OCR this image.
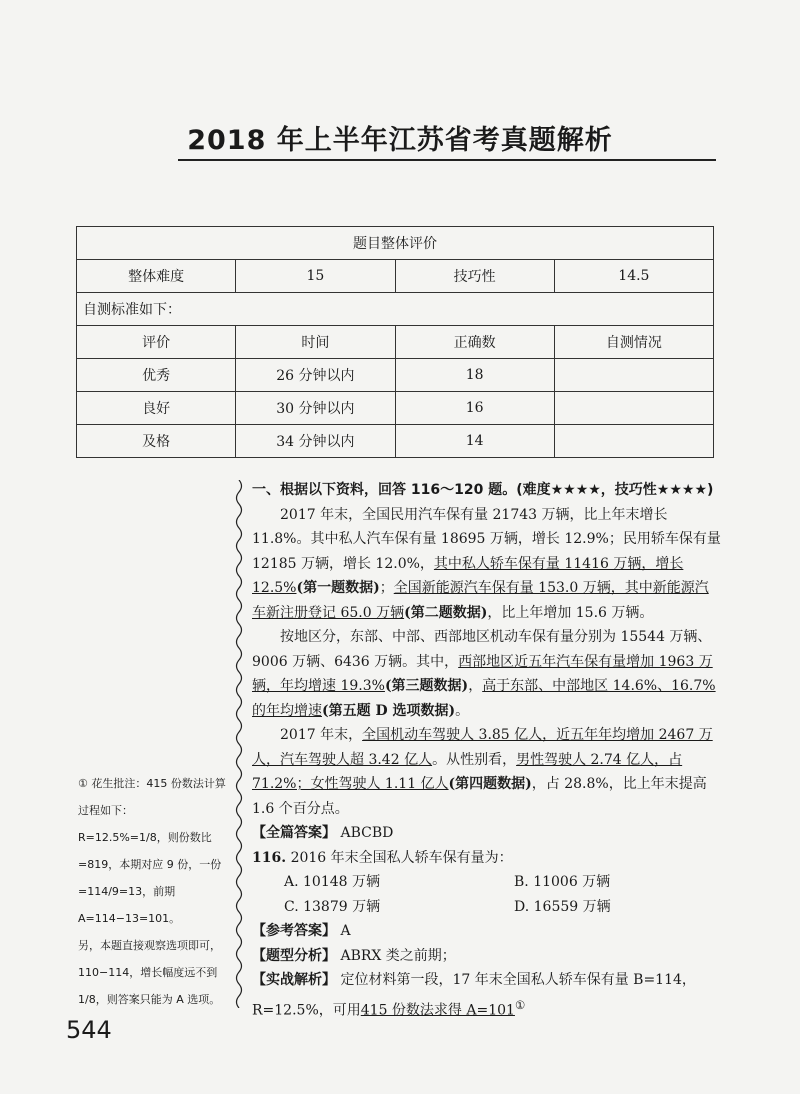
2018 年上半年江苏省考真题解析
题目整体评价			
整体难度	15	技巧性	14.5
自测标准如下：			
评价	时间	正确数	自测情况
优秀	26 分钟以内	18	
良好	30 分钟以内	16	
及格	34 分钟以内	14	

① 花生批注：415 份数法计算过程如下：

R=12.5%=1/8，则份数比=819，本期对应 9 份，一份=114/9=13，前期 A=114−13=101。

另，本题直接观察选项即可，110−114，增长幅度远不到 1/8，则答案只能为 A 选项。

一、根据以下资料，回答 116～120 题。(难度★★★★，技巧性★★★★)

2017 年末，全国民用汽车保有量 21743 万辆，比上年末增长 11.8%。其中私人汽车保有量 18695 万辆，增长 12.9%；民用轿车保有量 12185 万辆，增长 12.0%，其中私人轿车保有量 11416 万辆，增长 12.5%(第一题数据)；全国新能源汽车保有量 153.0 万辆，其中新能源汽车新注册登记 65.0 万辆(第二题数据)，比上年增加 15.6 万辆。

按地区分，东部、中部、西部地区机动车保有量分别为 15544 万辆、9006 万辆、6436 万辆。其中，西部地区近五年汽车保有量增加 1963 万辆，年均增速 19.3%(第三题数据)，高于东部、中部地区 14.6%、16.7%的年均增速(第五题 D 选项数据)。

2017 年末，全国机动车驾驶人 3.85 亿人，近五年年均增加 2467 万人，汽车驾驶人超 3.42 亿人。从性别看，男性驾驶人 2.74 亿人，占 71.2%；女性驾驶人 1.11 亿人(第四题数据)，占 28.8%，比上年末提高 1.6 个百分点。

【全篇答案】 ABCBD

116. 2016 年末全国私人轿车保有量为：

A. 10148 万辆	B. 11006 万辆
C. 13879 万辆	D. 16559 万辆

【参考答案】 A

【题型分析】 ABRX 类之前期；

【实战解析】 定位材料第一段，17 年末全国私人轿车保有量 B=114，R=12.5%，可用415 份数法求得 A=101①

544
